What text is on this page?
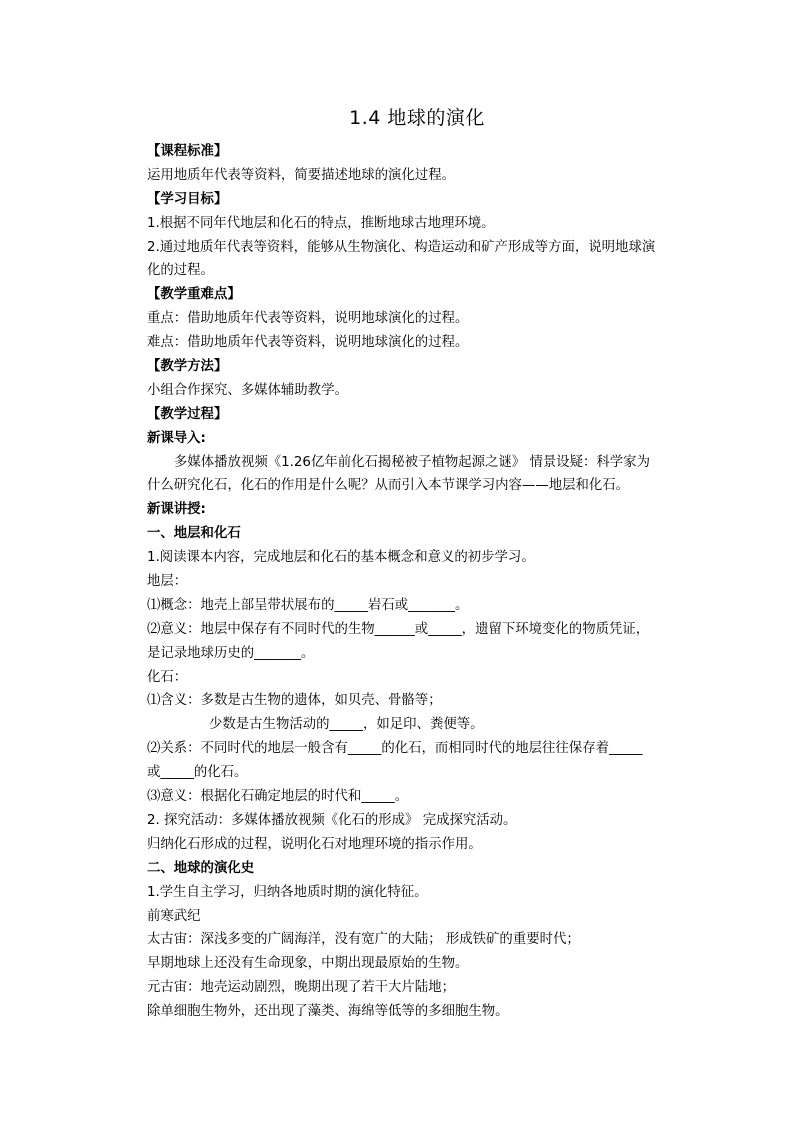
1.4 地球的演化
【课程标准】
运用地质年代表等资料，简要描述地球的演化过程。
【学习目标】
1.根据不同年代地层和化石的特点，推断地球古地理环境。
2.通过地质年代表等资料，能够从生物演化、构造运动和矿产形成等方面，说明地球演
化的过程。
【教学重难点】
重点：借助地质年代表等资料，说明地球演化的过程。
难点：借助地质年代表等资料，说明地球演化的过程。
【教学方法】
小组合作探究、多媒体辅助教学。
【教学过程】
新课导入:
多媒体播放视频《1.26亿年前化石揭秘被子植物起源之谜》 情景设疑：科学家为
什么研究化石，化石的作用是什么呢？从而引入本节课学习内容——地层和化石。
新课讲授:
一、地层和化石
1.阅读课本内容，完成地层和化石的基本概念和意义的初步学习。
地层：
⑴概念：地壳上部呈带状展布的_____岩石或_______。
⑵意义：地层中保存有不同时代的生物______或_____，遗留下环境变化的物质凭证，
是记录地球历史的_______。
化石：
⑴含义：多数是古生物的遗体，如贝壳、骨骼等；
少数是古生物活动的_____，如足印、粪便等。
⑵关系：不同时代的地层一般含有_____的化石，而相同时代的地层往往保存着_____
或_____的化石。
⑶意义：根据化石确定地层的时代和_____。
2. 探究活动：多媒体播放视频《化石的形成》 完成探究活动。
归纳化石形成的过程，说明化石对地理环境的指示作用。
二、地球的演化史
1.学生自主学习，归纳各地质时期的演化特征。
前寒武纪
太古宙：深浅多变的广阔海洋，没有宽广的大陆； 形成铁矿的重要时代；
早期地球上还没有生命现象，中期出现最原始的生物。
元古宙：地壳运动剧烈，晚期出现了若干大片陆地；
除单细胞生物外，还出现了藻类、海绵等低等的多细胞生物。
